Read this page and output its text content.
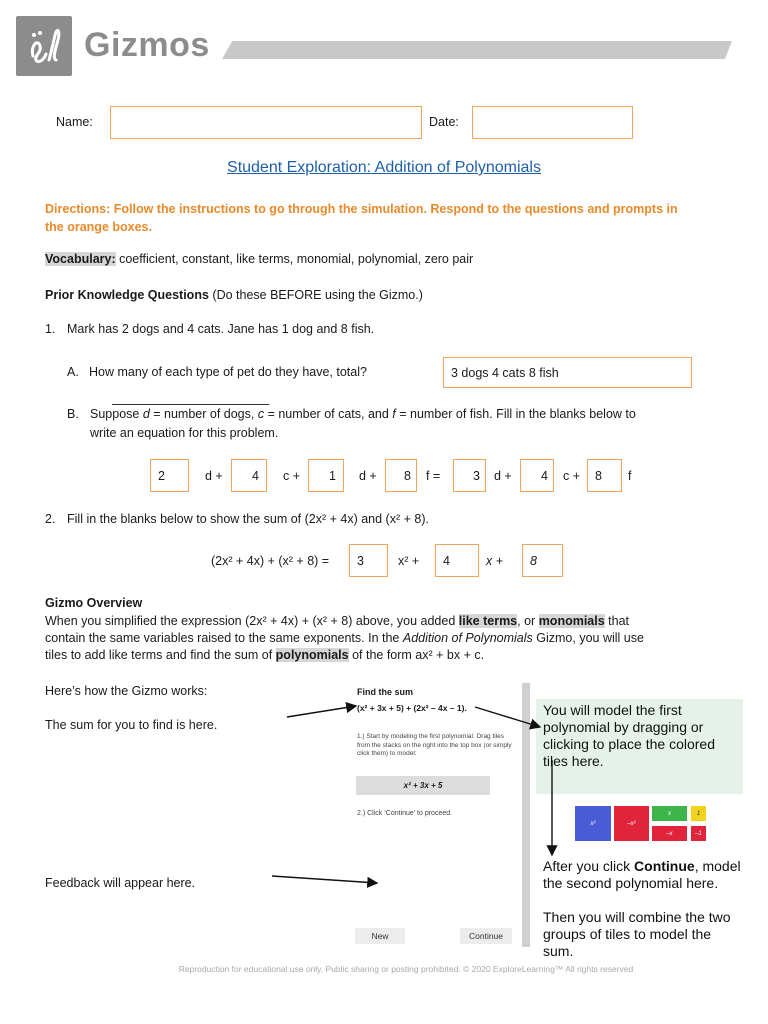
Gizmos
Name:	Date:
Student Exploration: Addition of Polynomials
Directions: Follow the instructions to go through the simulation. Respond to the questions and prompts in the orange boxes.
Vocabulary: coefficient, constant, like terms, monomial, polynomial, zero pair
Prior Knowledge Questions (Do these BEFORE using the Gizmo.)
1. Mark has 2 dogs and 4 cats. Jane has 1 dog and 8 fish.
A. How many of each type of pet do they have, total?	3 dogs 4 cats 8 fish
B. Suppose d = number of dogs, c = number of cats, and f = number of fish. Fill in the blanks below to
write an equation for this problem.
2	d +	4	c +	1	d +	8	f =	3	d +	4	c +	8	f
2. Fill in the blanks below to show the sum of (2x² + 4x) and (x² + 8).
(2x² + 4x) + (x² + 8) =	3	x² +	4	x +	8
Gizmo Overview
When you simplified the expression (2x² + 4x) + (x² + 8) above, you added like terms, or monomials that
contain the same variables raised to the same exponents. In the Addition of Polynomials Gizmo, you will use
tiles to add like terms and find the sum of polynomials of the form ax² + bx + c.
Here’s how the Gizmo works:
The sum for you to find is here.
Feedback will appear here.
Find the sum
(x² + 3x + 5) + (2x² – 4x – 1).
1.) Start by modeling the first polynomial. Drag tiles from the stacks on the right into the top box (or simply click them) to model:
x² + 3x + 5
2.) Click ‘Continue’ to proceed.
New	Continue
You will model the first polynomial by dragging or clicking to place the colored tiles here.
x²	–x²
x
–x
1
–1
After you click Continue, model the second polynomial here.
Then you will combine the two groups of tiles to model the sum.
Reproduction for educational use only. Public sharing or posting prohibited. © 2020 ExploreLearning™ All rights reserved
